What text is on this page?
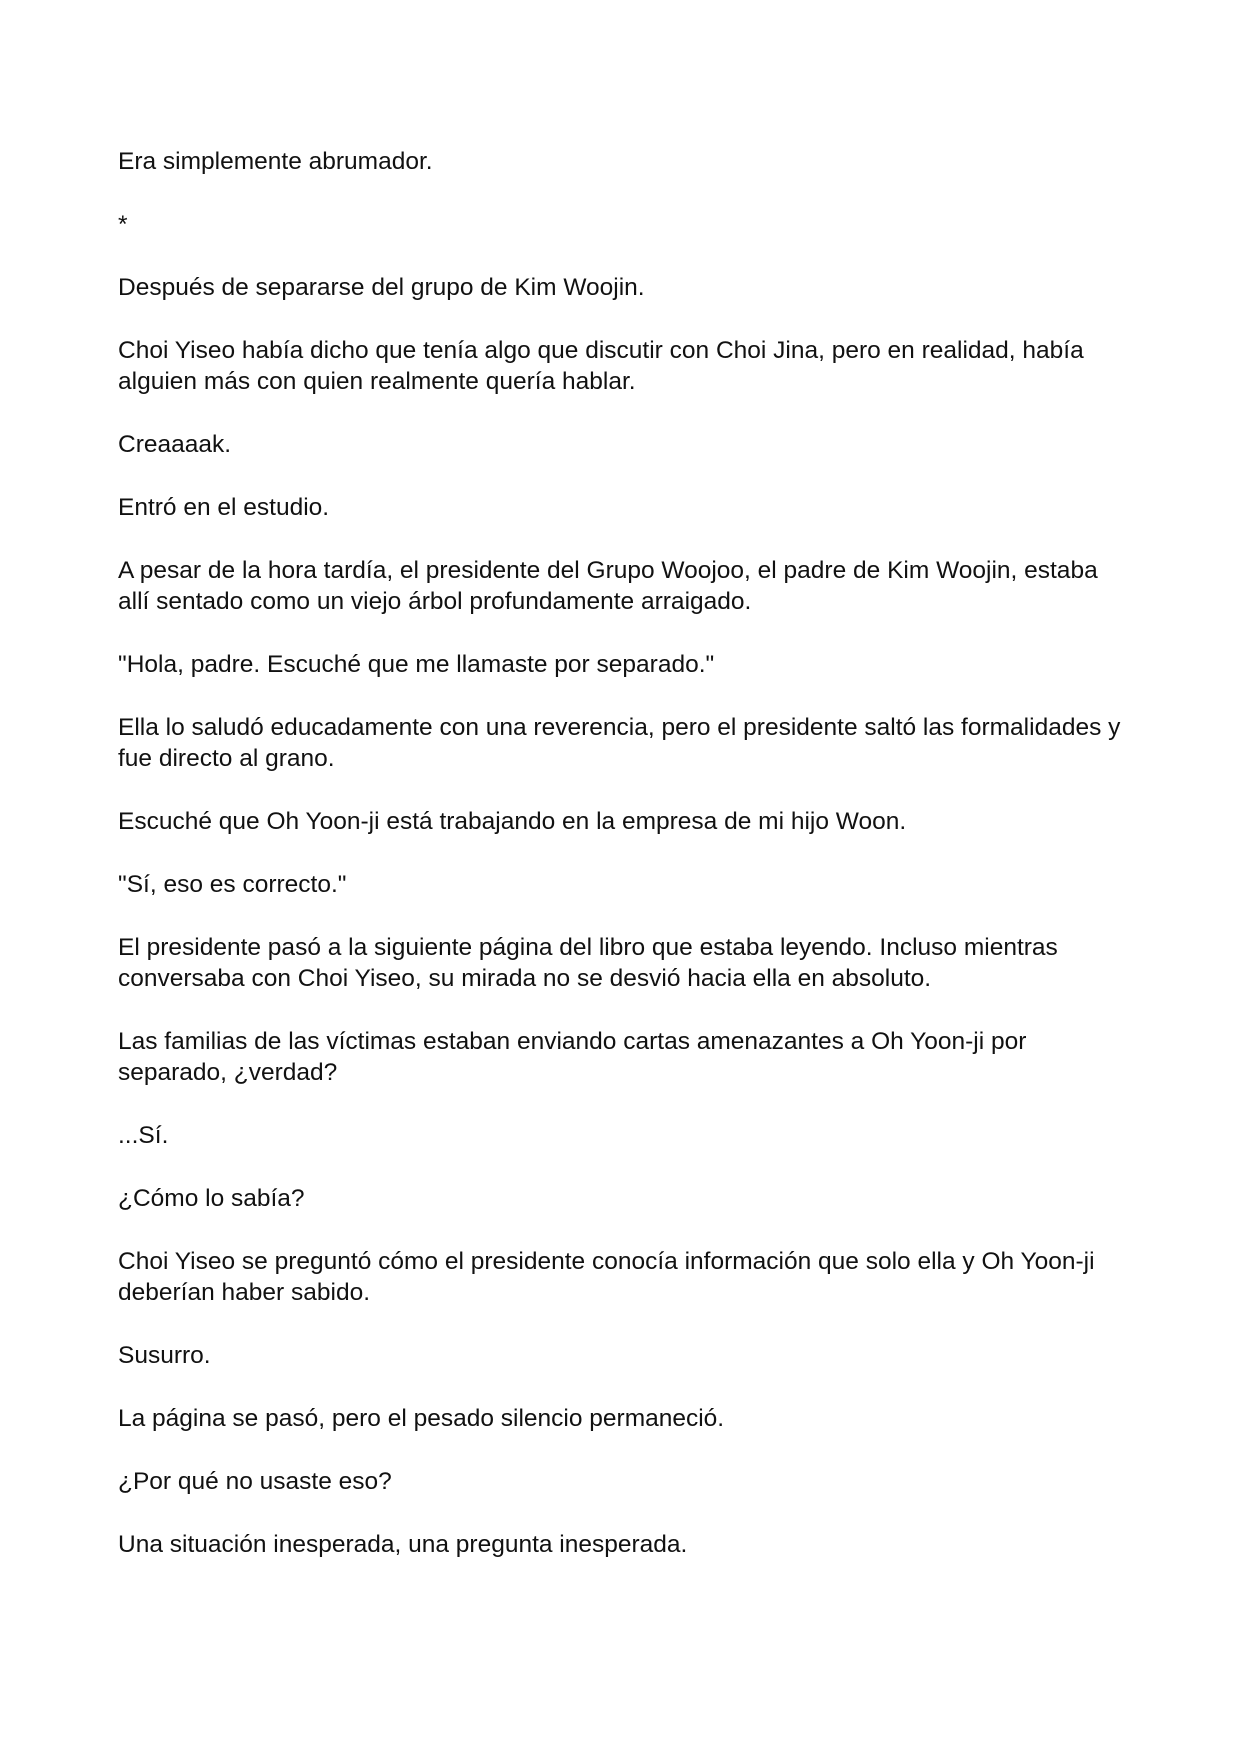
Era simplemente abrumador.

*

Después de separarse del grupo de Kim Woojin.

Choi Yiseo había dicho que tenía algo que discutir con Choi Jina, pero en realidad, había alguien más con quien realmente quería hablar.

Creaaaak.

Entró en el estudio.

A pesar de la hora tardía, el presidente del Grupo Woojoo, el padre de Kim Woojin, estaba allí sentado como un viejo árbol profundamente arraigado.

"Hola, padre. Escuché que me llamaste por separado."

Ella lo saludó educadamente con una reverencia, pero el presidente saltó las formalidades y fue directo al grano.

Escuché que Oh Yoon-ji está trabajando en la empresa de mi hijo Woon.

"Sí, eso es correcto."

El presidente pasó a la siguiente página del libro que estaba leyendo. Incluso mientras conversaba con Choi Yiseo, su mirada no se desvió hacia ella en absoluto.

Las familias de las víctimas estaban enviando cartas amenazantes a Oh Yoon-ji por separado, ¿verdad?

...Sí.

¿Cómo lo sabía?

Choi Yiseo se preguntó cómo el presidente conocía información que solo ella y Oh Yoon-ji deberían haber sabido.

Susurro.

La página se pasó, pero el pesado silencio permaneció.

¿Por qué no usaste eso?

Una situación inesperada, una pregunta inesperada.
